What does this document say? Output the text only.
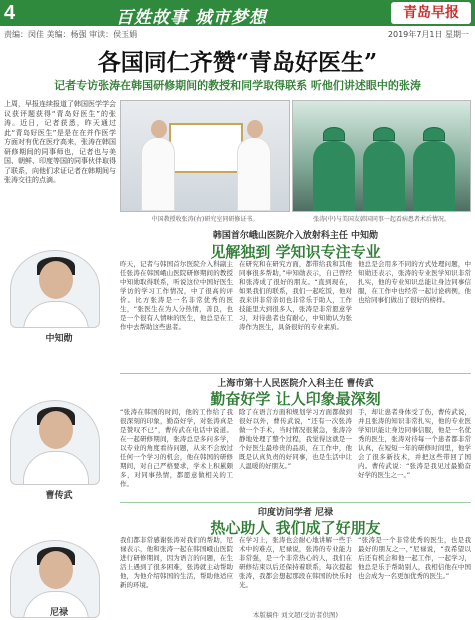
4	百姓故事 城市梦想	青岛早报
责编：闵佳 美编：杨强 审读：侯玉娟	2019年7月1日 星期一
各国同仁齐赞“青岛好医生”
记者专访张涛在韩国研修期间的教授和同学取得联系 听他们讲述眼中的张涛
上周，早报连续报道了韩国医学学会议获评题获得“青岛好医生”的张涛。近日，记者获悉，昨天通过此“青岛好医生”是是在在并作医学方面对有优在医疗高来，张涛在韩国研修期间的同事师也，记者也与美国、朝鲜、印度等国的同事伙伴取得了联系，向他们求证记者在韩期间与张涛交往的点滴。
中国教授收张涛(右)研究室同研修证书。	张涛(中)与美国友韩国同事一起看病患者术后情况。
中知勋
韩国首尔峨山医院介入放射科主任 中知勋
见解独到 学知识专注专业
昨天，记者与韩国首尔医院介入科副主任张涛在韩国峨山医院研修期间的教授中知勋取得联系，听说这位中国好医生学访的学习工作情况，中了很高的评价。比方张涛是一名非常优秀的医生，“张医生在为人分热情，善良，也是一个很有人情味的医生，他总是在工作中去帮助这些患者。
在研究和在研究方面，都带给我和其他同事很多帮助，”申知勋表示，自己曾经和张涛成了很好的朋友。“直到现在，如果我们的联系，我们一起吃饭，他对我来讲非常亲切也非常乐于助人，工作技能里大到很多人，张涛是非常愿意学习，对待患者也有耐心，中知勋认为张涛作为医生，具备很好的专业素质。
他总是会用多不同的方式处理问题，中知勋还表示，张涛的专业医学知识非常扎实，他的专业知识总能让身边同事信服，在工作中也经常一起讨论病例，他也给同事们做出了很好的榜样。
曹传武
上海市第十人民医院介入科主任 曹传武
勤奋好学 让人印象最深刻
“张涛在韩国的时间，他的工作给了我很深刻的印象，勤奋好学，对张涛真是是赞叹不已”，曹传武在电话中说道。在一起研修期间，张涛总是多问多学，以专业的角度看待问题，从来不会放过任何一个学习的机会，他在韩国的研修期间，对自己严格要求，学术上积累颇多，对同事热情，都愿意做相关的工作。
除了在语言方面和规划学习方面都做到很好以外，曹传武说，“还有一次张涛做一个手术，当时情况很紧急，张涛冷静地处理了整个过程，我觉得这就是一个好医生最珍贵的品质，在工作中，他既是认真负责的好同事，也是生活中让人温暖的好朋友。”
手，却让患者身体受了伤，曹传武说，并且张涛的知识非常扎实，他的专业医学知识能让身边同事信服，他是一名优秀的医生，张涛对待每一个患者都非常认真，在短短一年的研修时间里，他学会了很多新技术，并把这些带回了国内。曹传武说：“张涛是我见过最勤奋好学的医生之一。”
尼禄
印度访问学者 尼禄
热心助人 我们成了好朋友
我们都非常感谢张涛对我们的帮助，尼禄表示，他和张涛一起在韩国峨山医院进行研修期间，因为语言的问题，在生活上遇到了很多困难，张涛就主动帮助他，为他介绍韩国的生活，帮助他适应新的环境。
在学习上，张涛也会耐心地讲解一些手术中的难点，尼禄说，张涛的专业能力非常强，是一个非常热心的人，我们在研修结束以后还保持着联系，每次提起张涛，我都会想起那段在韩国的快乐时光。
“张涛是一个非常优秀的医生，也是我最好的朋友之一，”尼禄说，“我希望以后还有机会和他一起工作，一起学习，他总是乐于帮助别人，我相信他在中国也会成为一名更加优秀的医生。”
本版稿件 刘文超(受访者供图)
